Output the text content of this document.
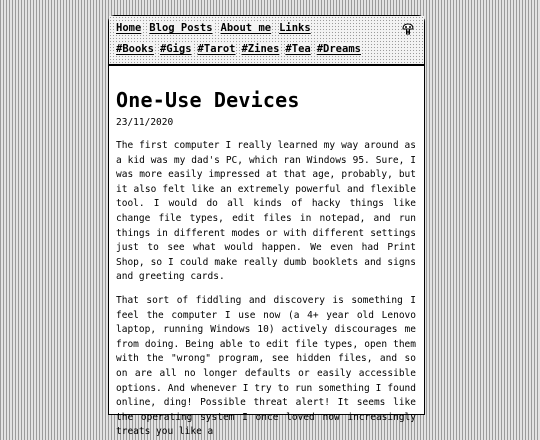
Home Blog Posts About me Links
#Books #Gigs #Tarot #Zines #Tea #Dreams
One-Use Devices
23/11/2020

The first computer I really learned my way around as a kid was my dad's PC, which ran Windows 95. Sure, I was more easily impressed at that age, probably, but it also felt like an extremely powerful and flexible tool. I would do all kinds of hacky things like change file types, edit files in notepad, and run things in different modes or with different settings just to see what would happen. We even had Print Shop, so I could make really dumb booklets and signs and greeting cards.

That sort of fiddling and discovery is something I feel the computer I use now (a 4+ year old Lenovo laptop, running Windows 10) actively discourages me from doing. Being able to edit file types, open them with the "wrong" program, see hidden files, and so on are all no longer defaults or easily accessible options. And whenever I try to run something I found online, ding! Possible threat alert! It seems like the operating system I once loved now increasingly treats you like a
